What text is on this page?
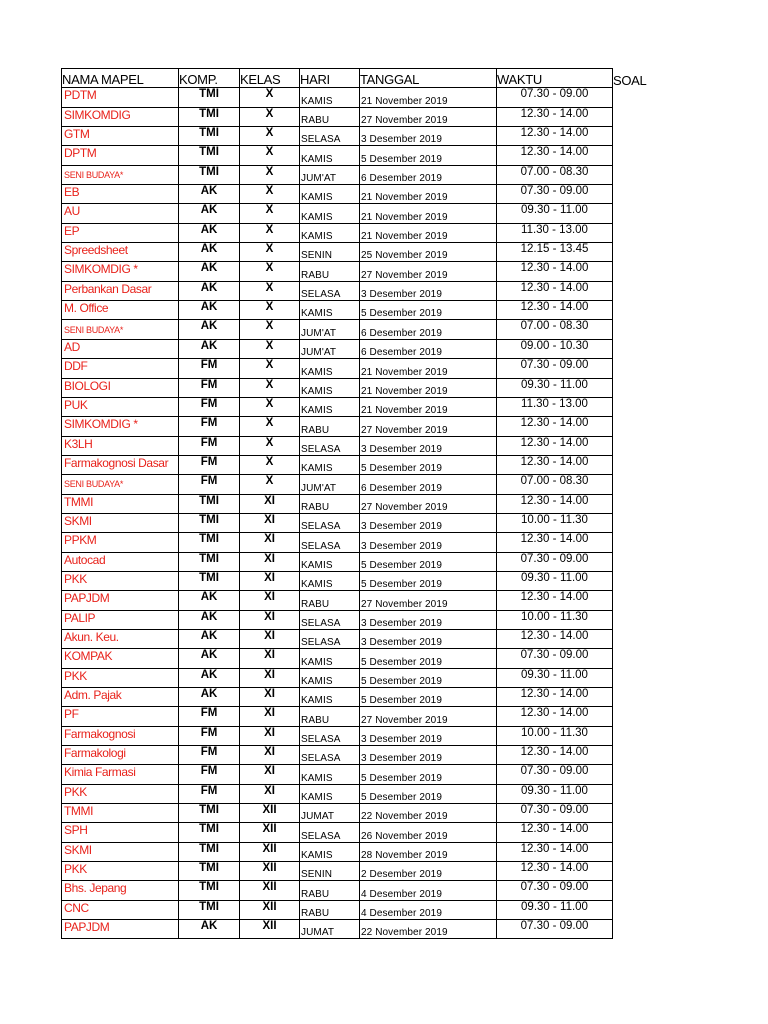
NAMA MAPEL	KOMP.	KELAS	HARI	TANGGAL	WAKTU	SOAL
PDTM	TMI	X	KAMIS	21 November 2019	07.30 - 09.00	
SIMKOMDIG	TMI	X	RABU	27 November 2019	12.30 - 14.00	
GTM	TMI	X	SELASA	3 Desember 2019	12.30 - 14.00	
DPTM	TMI	X	KAMIS	5 Desember 2019	12.30 - 14.00	
SENI BUDAYA*	TMI	X	JUM'AT	6 Desember 2019	07.00 - 08.30	
EB	AK	X	KAMIS	21 November 2019	07.30 - 09.00	
AU	AK	X	KAMIS	21 November 2019	09.30 - 11.00	
EP	AK	X	KAMIS	21 November 2019	11.30 - 13.00	
Spreedsheet	AK	X	SENIN	25 November 2019	12.15 - 13.45	
SIMKOMDIG *	AK	X	RABU	27 November 2019	12.30 - 14.00	
Perbankan Dasar	AK	X	SELASA	3 Desember 2019	12.30 - 14.00	
M. Office	AK	X	KAMIS	5 Desember 2019	12.30 - 14.00	
SENI BUDAYA*	AK	X	JUM'AT	6 Desember 2019	07.00 - 08.30	
AD	AK	X	JUM'AT	6 Desember 2019	09.00 - 10.30	
DDF	FM	X	KAMIS	21 November 2019	07.30 - 09.00	
BIOLOGI	FM	X	KAMIS	21 November 2019	09.30 - 11.00	
PUK	FM	X	KAMIS	21 November 2019	11.30 - 13.00	
SIMKOMDIG *	FM	X	RABU	27 November 2019	12.30 - 14.00	
K3LH	FM	X	SELASA	3 Desember 2019	12.30 - 14.00	
Farmakognosi Dasar	FM	X	KAMIS	5 Desember 2019	12.30 - 14.00	
SENI BUDAYA*	FM	X	JUM'AT	6 Desember 2019	07.00 - 08.30	
TMMI	TMI	XI	RABU	27 November 2019	12.30 - 14.00	
SKMI	TMI	XI	SELASA	3 Desember 2019	10.00 - 11.30	
PPKM	TMI	XI	SELASA	3 Desember 2019	12.30 - 14.00	
Autocad	TMI	XI	KAMIS	5 Desember 2019	07.30 - 09.00	
PKK	TMI	XI	KAMIS	5 Desember 2019	09.30 - 11.00	
PAPJDM	AK	XI	RABU	27 November 2019	12.30 - 14.00	
PALIP	AK	XI	SELASA	3 Desember 2019	10.00 - 11.30	
Akun. Keu.	AK	XI	SELASA	3 Desember 2019	12.30 - 14.00	
KOMPAK	AK	XI	KAMIS	5 Desember 2019	07.30 - 09.00	
PKK	AK	XI	KAMIS	5 Desember 2019	09.30 - 11.00	
Adm. Pajak	AK	XI	KAMIS	5 Desember 2019	12.30 - 14.00	
PF	FM	XI	RABU	27 November 2019	12.30 - 14.00	
Farmakognosi	FM	XI	SELASA	3 Desember 2019	10.00 - 11.30	
Farmakologi	FM	XI	SELASA	3 Desember 2019	12.30 - 14.00	
Kimia Farmasi	FM	XI	KAMIS	5 Desember 2019	07.30 - 09.00	
PKK	FM	XI	KAMIS	5 Desember 2019	09.30 - 11.00	
TMMI	TMI	XII	JUMAT	22 November 2019	07.30 - 09.00	
SPH	TMI	XII	SELASA	26 November 2019	12.30 - 14.00	
SKMI	TMI	XII	KAMIS	28 November 2019	12.30 - 14.00	
PKK	TMI	XII	SENIN	2 Desember 2019	12.30 - 14.00	
Bhs. Jepang	TMI	XII	RABU	4 Desember 2019	07.30 - 09.00	
CNC	TMI	XII	RABU	4 Desember 2019	09.30 - 11.00	
PAPJDM	AK	XII	JUMAT	22 November 2019	07.30 - 09.00	
